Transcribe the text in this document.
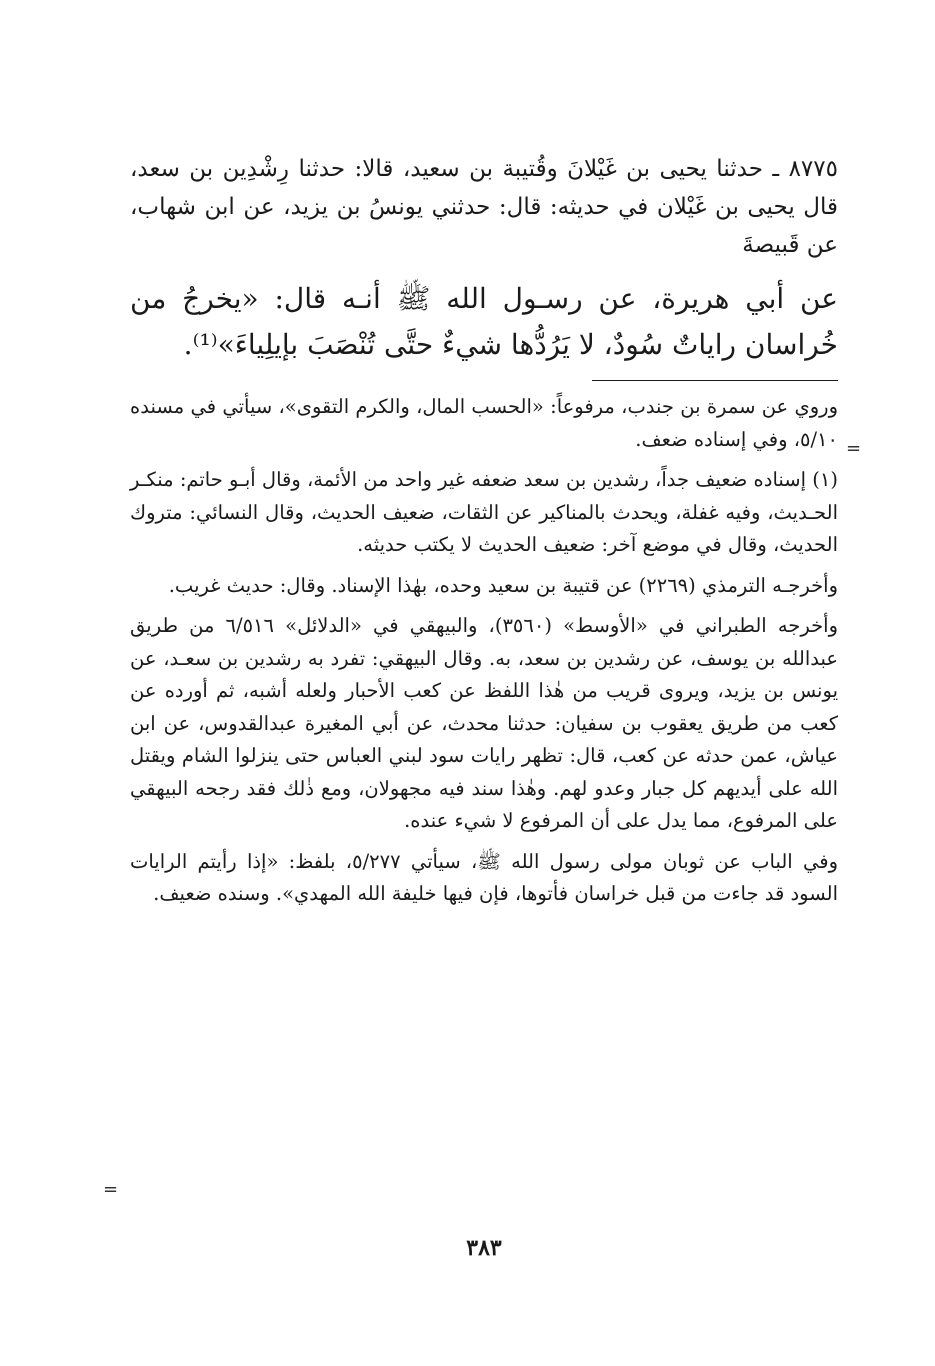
٨٧٧٥ ـ حدثنا يحيى بن غَيْلانَ وقُتيبة بن سعيد، قالا: حدثنا رِشْدِين بن سعد، قال يحيى بن غَيْلان في حديثه: قال: حدثني يونسُ بن يزيد، عن ابن شهاب، عن قَبيصةَ

عن أبي هريرة، عن رسـول الله ﷺ أنـه قال: «يخرجُ من خُراسان راياتٌ سُودٌ، لا يَرُدُّها شيءٌ حتَّى تُنْصَبَ بإيلِياءَ»⁽¹⁾.

وروي عن سمرة بن جندب، مرفوعاً: «الحسب المال، والكرم التقوى»، سيأتي في مسنده ٥/١٠، وفي إسناده ضعف.

(١) إسناده ضعيف جداً، رشدين بن سعد ضعفه غير واحد من الأئمة، وقال أبـو حاتم: منكـر الحـديث، وفيه غفلة، ويحدث بالمناكير عن الثقات، ضعيف الحديث، وقال النسائي: متروك الحديث، وقال في موضع آخر: ضعيف الحديث لا يكتب حديثه.

وأخرجـه الترمذي (٢٢٦٩) عن قتيبة بن سعيد وحده، بهٰذا الإسناد. وقال: حديث غريب.

وأخرجه الطبراني في «الأوسط» (٣٥٦٠)، والبيهقي في «الدلائل» ٦/٥١٦ من طريق عبدالله بن يوسف، عن رشدين بن سعد، به. وقال البيهقي: تفرد به رشدين بن سعـد، عن يونس بن يزيد، ويروى قريب من هٰذا اللفظ عن كعب الأحبار ولعله أشبه، ثم أورده عن كعب من طريق يعقوب بن سفيان: حدثنا محدث، عن أبي المغيرة عبدالقدوس، عن ابن عياش، عمن حدثه عن كعب، قال: تظهر رايات سود لبني العباس حتى ينزلوا الشام ويقتل الله على أيديهم كل جبار وعدو لهم. وهٰذا سند فيه مجهولان، ومع ذٰلك فقد رجحه البيهقي على المرفوع، مما يدل على أن المرفوع لا شيء عنده.

وفي الباب عن ثوبان مولى رسول الله ﷺ، سيأتي ٥/٢٧٧، بلفظ: «إذا رأيتم الرايات السود قد جاءت من قبل خراسان فأتوها، فإن فيها خليفة الله المهدي». وسنده ضعيف.

٣٨٣
=
=
